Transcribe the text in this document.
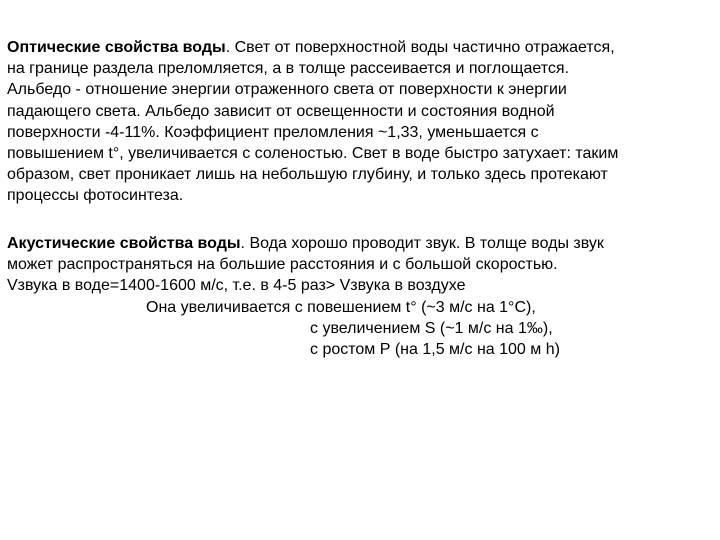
Оптические свойства воды. Свет от поверхностной воды частично отражается,
на границе раздела преломляется, а в толще рассеивается и поглощается.
Альбедо - отношение энергии отраженного света от поверхности к энергии
падающего света. Альбедо зависит от освещенности и состояния водной
поверхности -4-11%. Коэффициент преломления ~1,33, уменьшается с
повышением t°, увеличивается с соленостью. Свет в воде быстро затухает: таким
образом, свет проникает лишь на небольшую глубину, и только здесь протекают
процессы фотосинтеза.
Акустические свойства воды. Вода хорошо проводит звук. В толще воды звук
может распространяться на большие расстояния и с большой скоростью.
Vзвука в воде=1400-1600 м/с, т.е. в 4-5 раз> Vзвука в воздухе
Она увеличивается с повешением t° (~3 м/с на 1°С),
с увеличением S (~1 м/с на 1‰),
с ростом Р (на 1,5 м/с на 100 м h)
